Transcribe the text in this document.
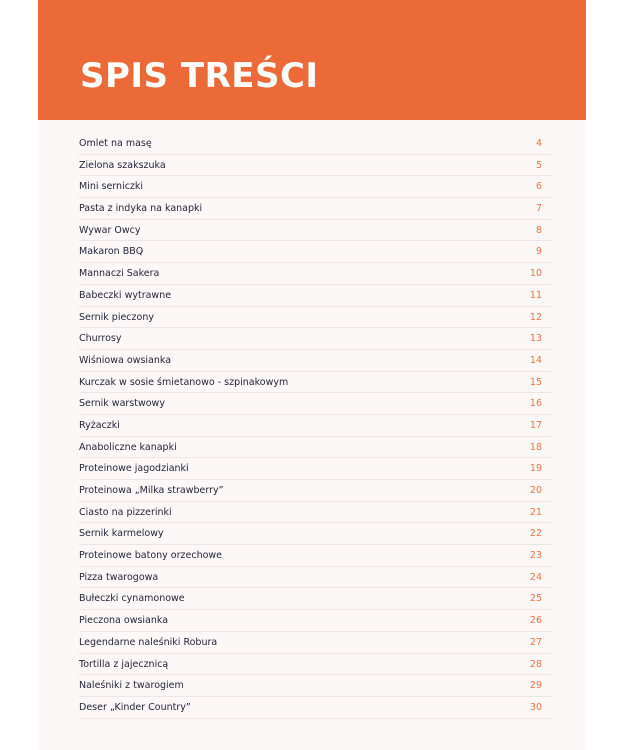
SPIS TREŚCI
Omlet na masę	4
Zielona szakszuka	5
Mini serniczki	6
Pasta z indyka na kanapki	7
Wywar Owcy	8
Makaron BBQ	9
Mannaczi Sakera	10
Babeczki wytrawne	11
Sernik pieczony	12
Churrosy	13
Wiśniowa owsianka	14
Kurczak w sosie śmietanowo - szpinakowym	15
Sernik warstwowy	16
Ryżaczki	17
Anaboliczne kanapki	18
Proteinowe jagodzianki	19
Proteinowa „Milka strawberry”	20
Ciasto na pizzerinki	21
Sernik karmelowy	22
Proteinowe batony orzechowe	23
Pizza twarogowa	24
Bułeczki cynamonowe	25
Pieczona owsianka	26
Legendarne naleśniki Robura	27
Tortilla z jajecznicą	28
Naleśniki z twarogiem	29
Deser „Kinder Country”	30
